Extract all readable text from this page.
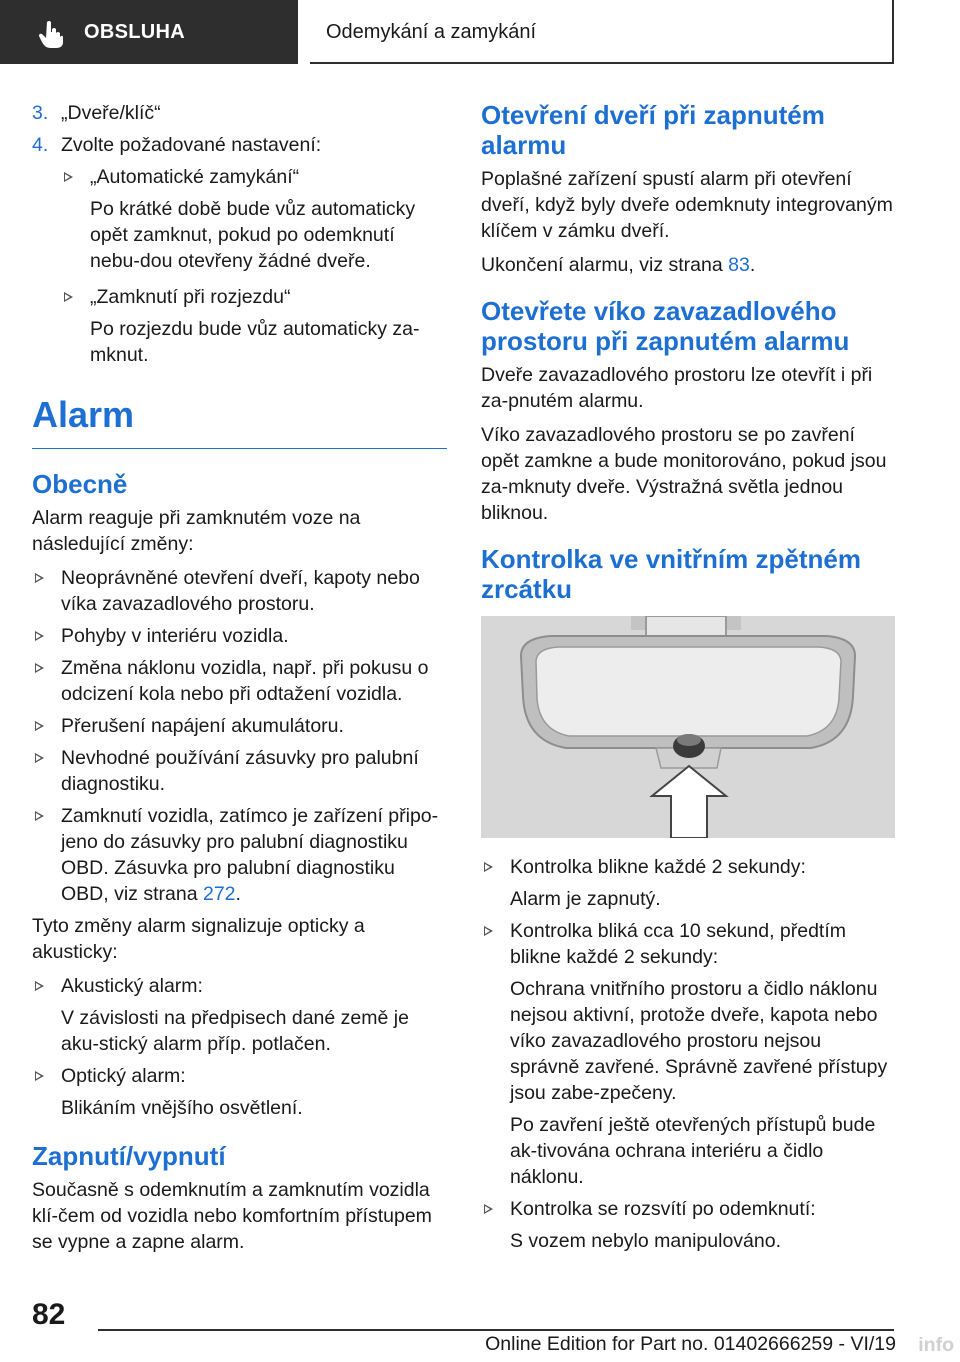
OBSLUHA	Odemykání a zamykání
3. „Dveře/klíč“
4. Zvolte požadované nastavení:
„Automatické zamykání“
Po krátké době bude vůz automaticky opět zamknut, pokud po odemknutí nebu-dou otevřeny žádné dveře.
„Zamknutí při rozjezdu“
Po rozjezdu bude vůz automaticky za-mknut.
Alarm
Obecně

Alarm reaguje při zamknutém voze na následující změny:

Neoprávněné otevření dveří, kapoty nebo víka zavazadlového prostoru.
Pohyby v interiéru vozidla.
Změna náklonu vozidla, např. při pokusu o odcizení kola nebo při odtažení vozidla.
Přerušení napájení akumulátoru.
Nevhodné používání zásuvky pro palubní diagnostiku.
Zamknutí vozidla, zatímco je zařízení připo-jeno do zásuvky pro palubní diagnostiku OBD. Zásuvka pro palubní diagnostiku OBD, viz strana 272.

Tyto změny alarm signalizuje opticky a akusticky:

Akustický alarm:
V závislosti na předpisech dané země je aku-stický alarm příp. potlačen.
Optický alarm:
Blikáním vnějšího osvětlení.
Zapnutí/vypnutí

Současně s odemknutím a zamknutím vozidla klí-čem od vozidla nebo komfortním přístupem se vypne a zapne alarm.

Otevření dveří při zapnutém alarmu

Poplašné zařízení spustí alarm při otevření dveří, když byly dveře odemknuty integrovaným klíčem v zámku dveří.

Ukončení alarmu, viz strana 83.

Otevřete víko zavazadlového prostoru při zapnutém alarmu

Dveře zavazadlového prostoru lze otevřít i při za-pnutém alarmu.

Víko zavazadlového prostoru se po zavření opět zamkne a bude monitorováno, pokud jsou za-mknuty dveře. Výstražná světla jednou bliknou.

Kontrolka ve vnitřním zpětném zrcátku
Kontrolka blikne každé 2 sekundy:
Alarm je zapnutý.
Kontrolka bliká cca 10 sekund, předtím blikne každé 2 sekundy:
Ochrana vnitřního prostoru a čidlo náklonu nejsou aktivní, protože dveře, kapota nebo víko zavazadlového prostoru nejsou správně zavřené. Správně zavřené přístupy jsou zabe-zpečeny.
Po zavření ještě otevřených přístupů bude ak-tivována ochrana interiéru a čidlo náklonu.
Kontrolka se rozsvítí po odemknutí:
S vozem nebylo manipulováno.
82
Online Edition for Part no. 01402666259 - VI/19 info
